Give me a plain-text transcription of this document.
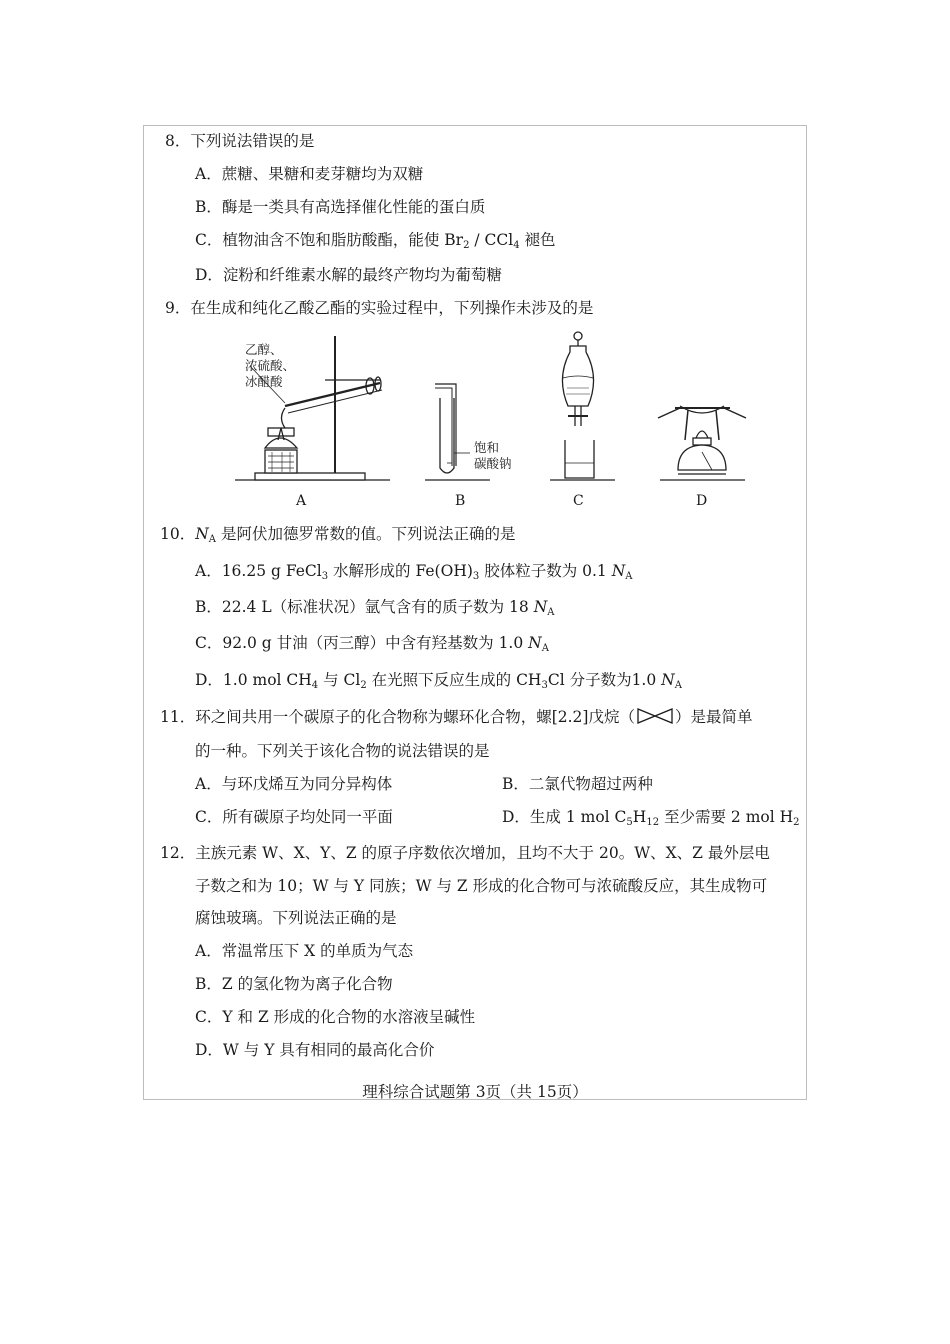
8．下列说法错误的是
A．蔗糖、果糖和麦芽糖均为双糖
B．酶是一类具有高选择催化性能的蛋白质
C．植物油含不饱和脂肪酸酯，能使 $Br_2 / CCl_4$ 褪色
D．淀粉和纤维素水解的最终产物均为葡萄糖
9．在生成和纯化乙酸乙酯的实验过程中，下列操作未涉及的是
乙醇、
浓硫酸、
冰醋酸
饱和
碳酸钠
A	B	C	D
10．$N_A$ 是阿伏加德罗常数的值。下列说法正确的是
A．16.25 g FeCl$_3$ 水解形成的 $Fe(OH)_3$ 胶体粒子数为 0.1 $N_A$
B．22.4 L（标准状况）氩气含有的质子数为 18 $N_A$
C．92.0 g 甘油（丙三醇）中含有羟基数为 1.0 $N_A$
D．1.0 mol $CH_4$ 与 $Cl_2$ 在光照下反应生成的 $CH_3Cl$ 分子数为1.0 $N_A$
11．环之间共用一个碳原子的化合物称为螺环化合物，螺[2.2]戊烷（	）是最简单
的一种。下列关于该化合物的说法错误的是
A．与环戊烯互为同分异构体	B．二氯代物超过两种
C．所有碳原子均处同一平面	D．生成 1 mol $C_5H_{12}$ 至少需要 2 mol $H_2$
12．主族元素 W、X、Y、Z 的原子序数依次增加，且均不大于 20。W、X、Z 最外层电
子数之和为 10；W 与 Y 同族；W 与 Z 形成的化合物可与浓硫酸反应，其生成物可
腐蚀玻璃。下列说法正确的是
A．常温常压下 X 的单质为气态
B．Z 的氢化物为离子化合物
C．Y 和 Z 形成的化合物的水溶液呈碱性
D．W 与 Y 具有相同的最高化合价
理科综合试题第 3页（共 15页）
